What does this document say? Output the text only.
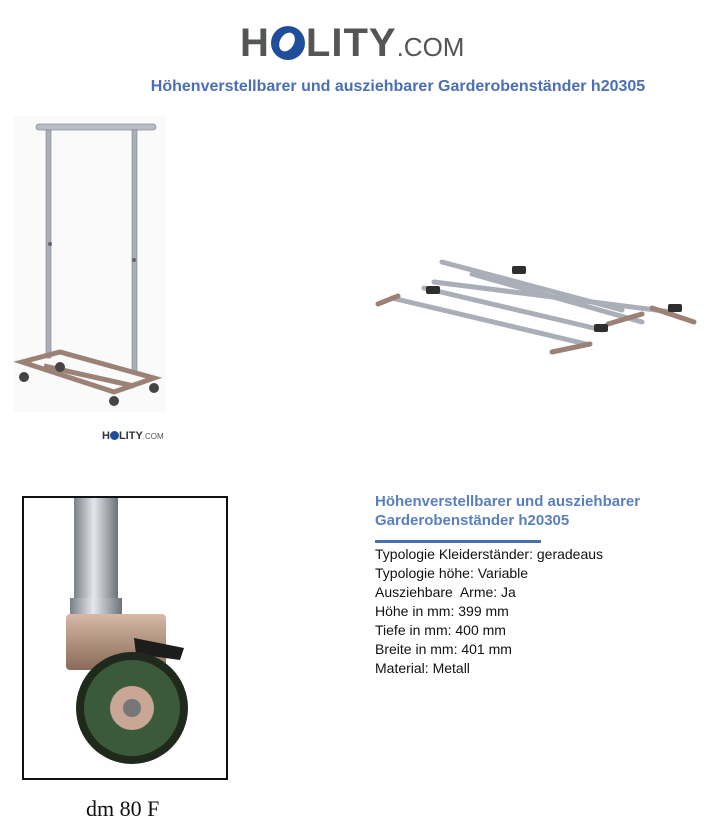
H LITY.COM
Höhenverstellbarer und ausziehbarer Garderobenständer h20305
H LITY.COM
dm 80 F
Höhenverstellbarer und ausziehbarer Garderobenständer h20305
Typologie Kleiderständer: geradeaus
Typologie höhe: Variable
Ausziehbare  Arme: Ja
Höhe in mm: 399 mm
Tiefe in mm: 400 mm
Breite in mm: 401 mm
Material: Metall
